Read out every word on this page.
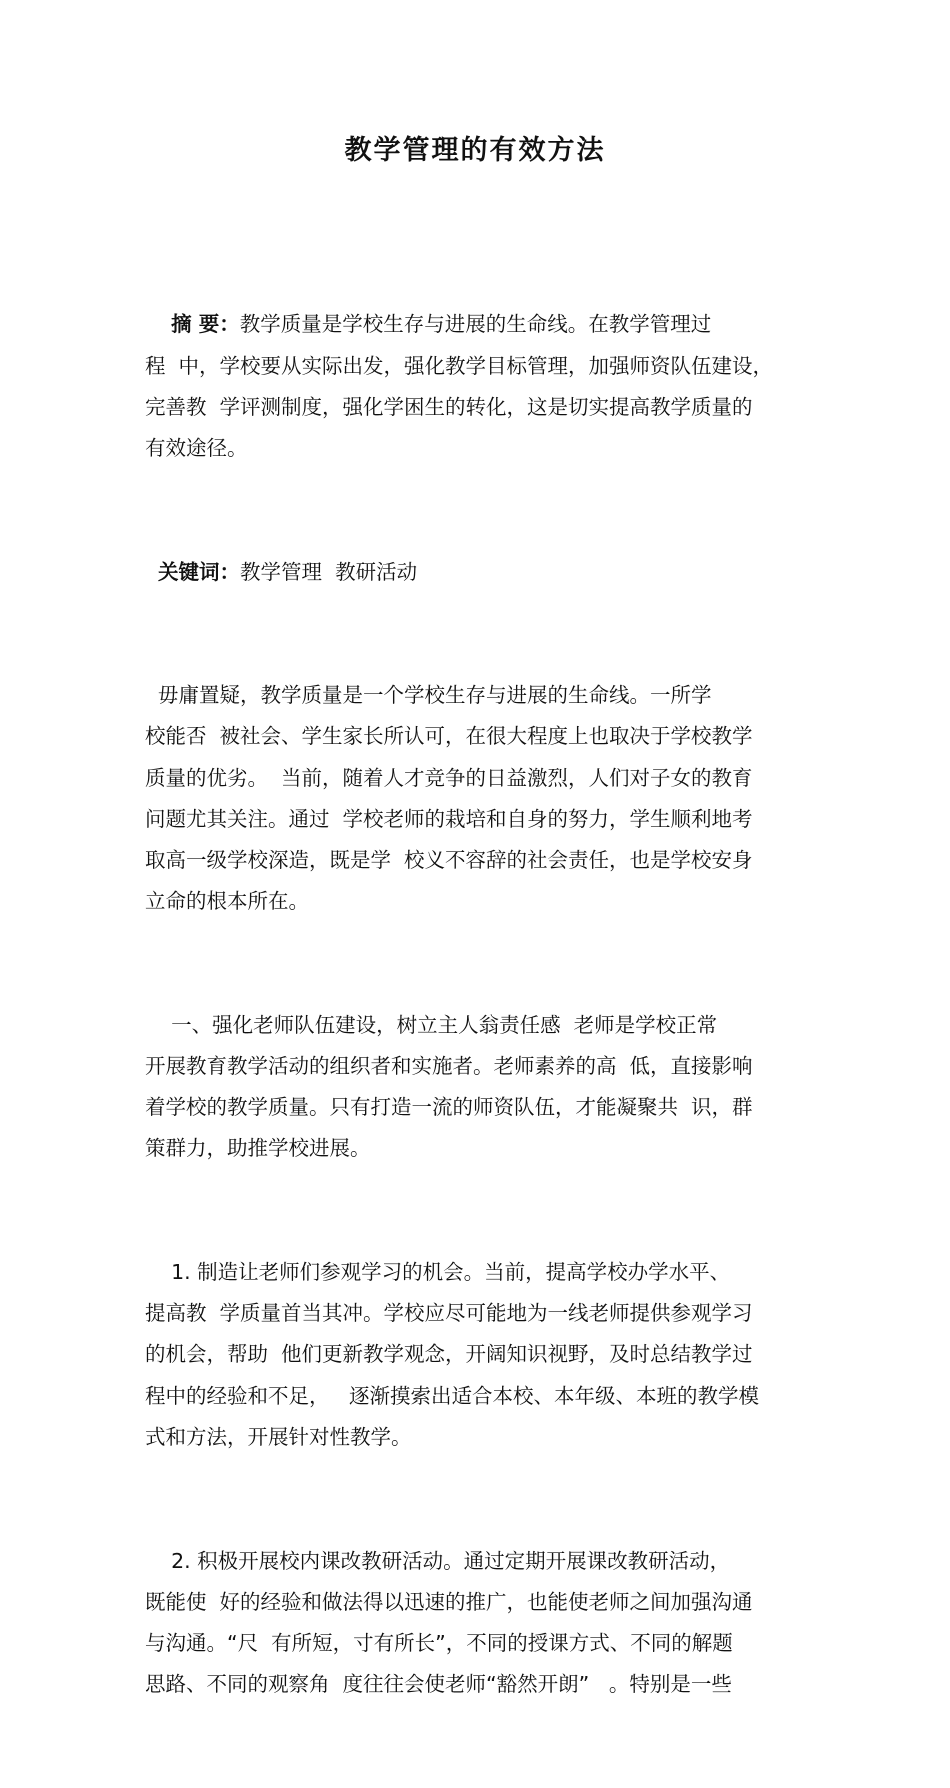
教学管理的有效方法

摘 要：教学质量是学校生存与进展的生命线。在教学管理过
程  中，学校要从实际出发，强化教学目标管理，加强师资队伍建设，
完善教  学评测制度，强化学困生的转化，这是切实提高教学质量的
有效途径。

关键词：教学管理  教研活动

毋庸置疑，教学质量是一个学校生存与进展的生命线。一所学
校能否  被社会、学生家长所认可，在很大程度上也取决于学校教学
质量的优劣。  当前，随着人才竞争的日益激烈，人们对子女的教育
问题尤其关注。通过  学校老师的栽培和自身的努力，学生顺利地考
取高一级学校深造，既是学  校义不容辞的社会责任，也是学校安身
立命的根本所在。

一、强化老师队伍建设，树立主人翁责任感  老师是学校正常
开展教育教学活动的组织者和实施者。老师素养的高  低，直接影响
着学校的教学质量。只有打造一流的师资队伍，才能凝聚共  识，群
策群力，助推学校进展。

1. 制造让老师们参观学习的机会。当前，提高学校办学水平、
提高教  学质量首当其冲。学校应尽可能地为一线老师提供参观学习
的机会，帮助  他们更新教学观念，开阔知识视野，及时总结教学过
程中的经验和不足，   逐渐摸索出适合本校、本年级、本班的教学模
式和方法，开展针对性教学。

2. 积极开展校内课改教研活动。通过定期开展课改教研活动，
既能使  好的经验和做法得以迅速的推广，也能使老师之间加强沟通
与沟通。“尺  有所短，寸有所长”，不同的授课方式、不同的解题
思路、不同的观察角  度往往会使老师“豁然开朗”   。特别是一些
